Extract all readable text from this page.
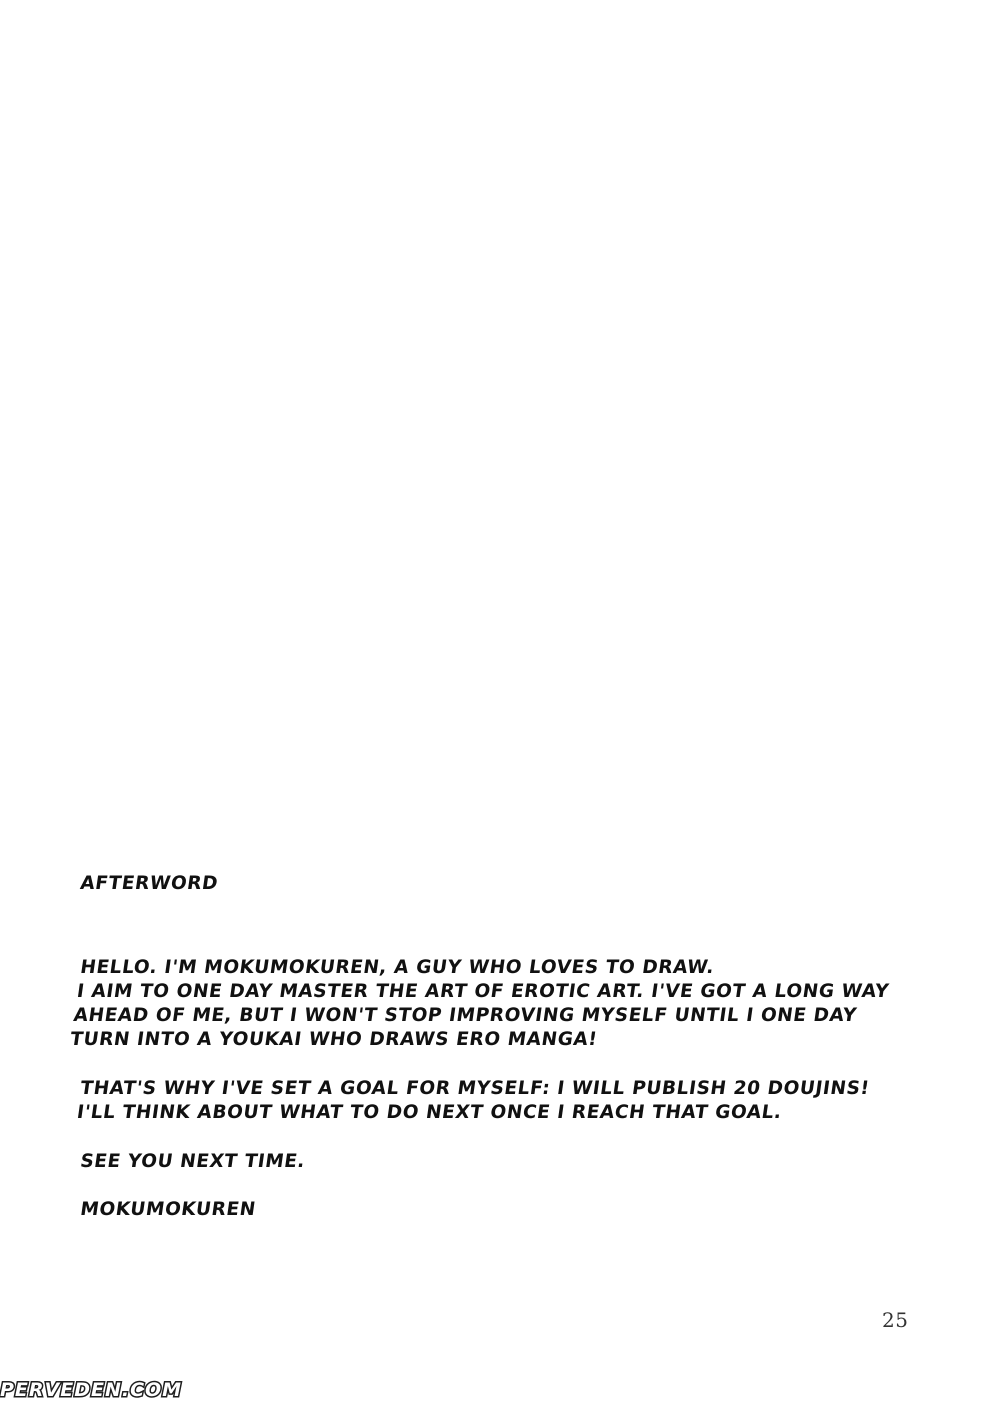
AFTERWORD
HELLO. I'M MOKUMOKUREN, A GUY WHO LOVES TO DRAW.
I AIM TO ONE DAY MASTER THE ART OF EROTIC ART. I'VE GOT A LONG WAY
AHEAD OF ME, BUT I WON'T STOP IMPROVING MYSELF UNTIL I ONE DAY
TURN INTO A YOUKAI WHO DRAWS ERO MANGA!
THAT'S WHY I'VE SET A GOAL FOR MYSELF: I WILL PUBLISH 20 DOUJINS!
I'LL THINK ABOUT WHAT TO DO NEXT ONCE I REACH THAT GOAL.
SEE YOU NEXT TIME.
MOKUMOKUREN
25
PERVEDEN.COM
